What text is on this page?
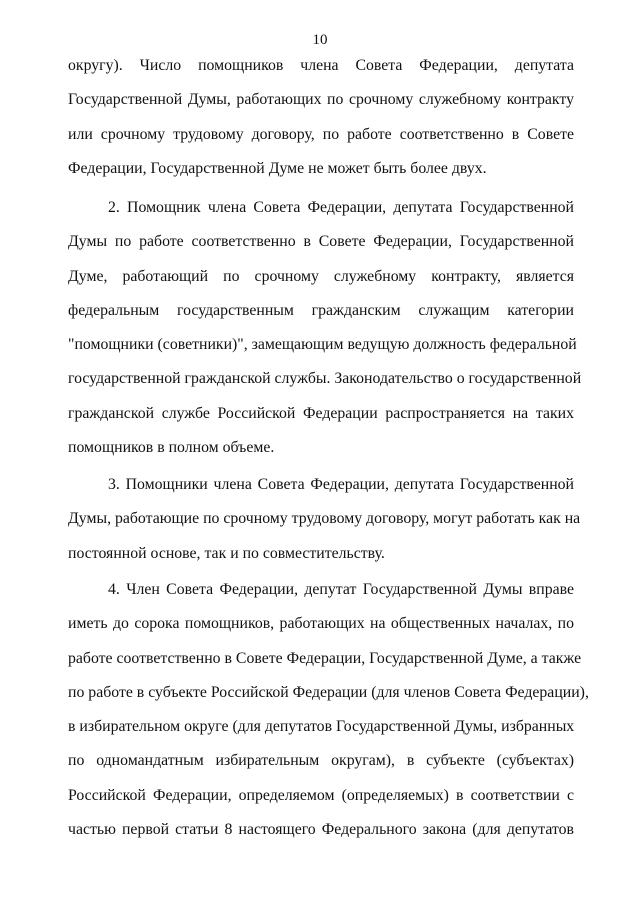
10
округу). Число помощников члена Совета Федерации, депутата
Государственной Думы, работающих по срочному служебному контракту
или срочному трудовому договору, по работе соответственно в Совете
Федерации, Государственной Думе не может быть более двух.
2. Помощник члена Совета Федерации, депутата Государственной
Думы по работе соответственно в Совете Федерации, Государственной
Думе, работающий по срочному служебному контракту, является
федеральным государственным гражданским служащим категории
"помощники (советники)", замещающим ведущую должность федеральной
государственной гражданской службы. Законодательство о государственной
гражданской службе Российской Федерации распространяется на таких
помощников в полном объеме.
3. Помощники члена Совета Федерации, депутата Государственной
Думы, работающие по срочному трудовому договору, могут работать как на
постоянной основе, так и по совместительству.
4. Член Совета Федерации, депутат Государственной Думы вправе
иметь до сорока помощников, работающих на общественных началах, по
работе соответственно в Совете Федерации, Государственной Думе, а также
по работе в субъекте Российской Федерации (для членов Совета Федерации),
в избирательном округе (для депутатов Государственной Думы, избранных
по одномандатным избирательным округам), в субъекте (субъектах)
Российской Федерации, определяемом (определяемых) в соответствии с
частью первой статьи 8 настоящего Федерального закона (для депутатов
